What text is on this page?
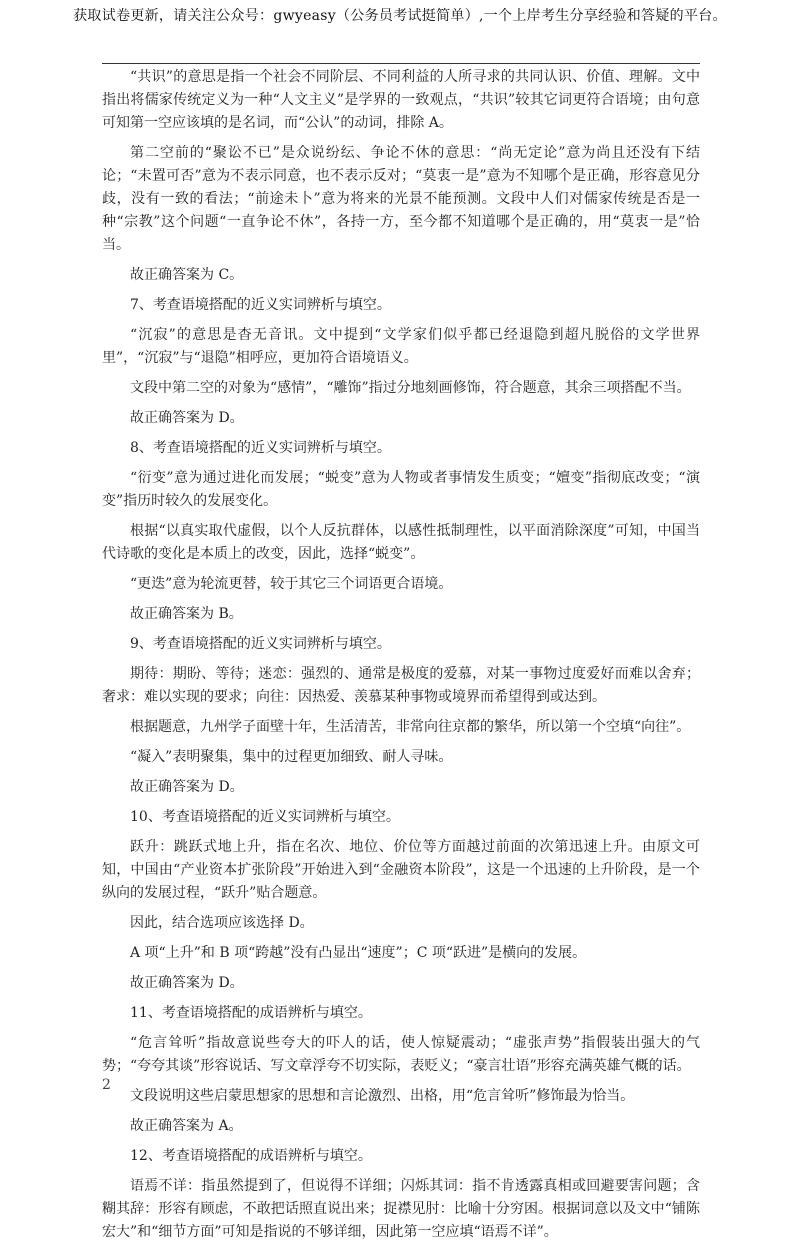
获取试卷更新，请关注公众号：gwyeasy（公务员考试挺简单）,一个上岸考生分享经验和答疑的平台。

“共识”的意思是指一个社会不同阶层、不同利益的人所寻求的共同认识、价值、理解。文中指出将儒家传统定义为一种“人文主义”是学界的一致观点，“共识”较其它词更符合语境；由句意可知第一空应该填的是名词，而“公认”的动词，排除 A。

第二空前的“聚讼不已”是众说纷纭、争论不休的意思：“尚无定论”意为尚且还没有下结论；“未置可否”意为不表示同意，也不表示反对；“莫衷一是”意为不知哪个是正确，形容意见分歧，没有一致的看法；“前途未卜”意为将来的光景不能预测。文段中人们对儒家传统是否是一种“宗教”这个问题“一直争论不休”，各持一方，至今都不知道哪个是正确的，用“莫衷一是”恰当。

故正确答案为 C。

7、考查语境搭配的近义实词辨析与填空。

“沉寂”的意思是杳无音讯。文中提到“文学家们似乎都已经退隐到超凡脱俗的文学世界里”，“沉寂”与“退隐”相呼应，更加符合语境语义。

文段中第二空的对象为“感情”，“雕饰”指过分地刻画修饰，符合题意，其余三项搭配不当。

故正确答案为 D。

8、考查语境搭配的近义实词辨析与填空。

“衍变”意为通过进化而发展；“蜕变”意为人物或者事情发生质变；“嬗变”指彻底改变；“演变”指历时较久的发展变化。

根据“以真实取代虚假，以个人反抗群体，以感性抵制理性，以平面消除深度”可知，中国当代诗歌的变化是本质上的改变，因此，选择“蜕变”。

“更迭”意为轮流更替，较于其它三个词语更合语境。

故正确答案为 B。

9、考查语境搭配的近义实词辨析与填空。

期待：期盼、等待；迷恋：强烈的、通常是极度的爱慕，对某一事物过度爱好而难以舍弃；奢求：难以实现的要求；向往：因热爱、羡慕某种事物或境界而希望得到或达到。

根据题意，九州学子面壁十年，生活清苦，非常向往京都的繁华，所以第一个空填“向往”。

“凝入”表明聚集，集中的过程更加细致、耐人寻味。

故正确答案为 D。

10、考查语境搭配的近义实词辨析与填空。

跃升：跳跃式地上升，指在名次、地位、价位等方面越过前面的次第迅速上升。由原文可知，中国由“产业资本扩张阶段”开始进入到“金融资本阶段”，这是一个迅速的上升阶段，是一个纵向的发展过程，“跃升”贴合题意。

因此，结合选项应该选择 D。

A 项“上升”和 B 项“跨越”没有凸显出“速度”；C 项“跃进”是横向的发展。

故正确答案为 D。

11、考查语境搭配的成语辨析与填空。

“危言耸听”指故意说些夸大的吓人的话，使人惊疑震动；“虚张声势”指假装出强大的气势；“夸夸其谈”形容说话、写文章浮夸不切实际，表贬义；“豪言壮语”形容充满英雄气概的话。

文段说明这些启蒙思想家的思想和言论激烈、出格，用“危言耸听”修饰最为恰当。

故正确答案为 A。

12、考查语境搭配的成语辨析与填空。

语焉不详：指虽然提到了，但说得不详细；闪烁其词：指不肯透露真相或回避要害问题；含糊其辞：形容有顾虑，不敢把话照直说出来；捉襟见肘：比喻十分穷困。根据词意以及文中“铺陈宏大”和“细节方面”可知是指说的不够详细，因此第一空应填“语焉不详”。

2
